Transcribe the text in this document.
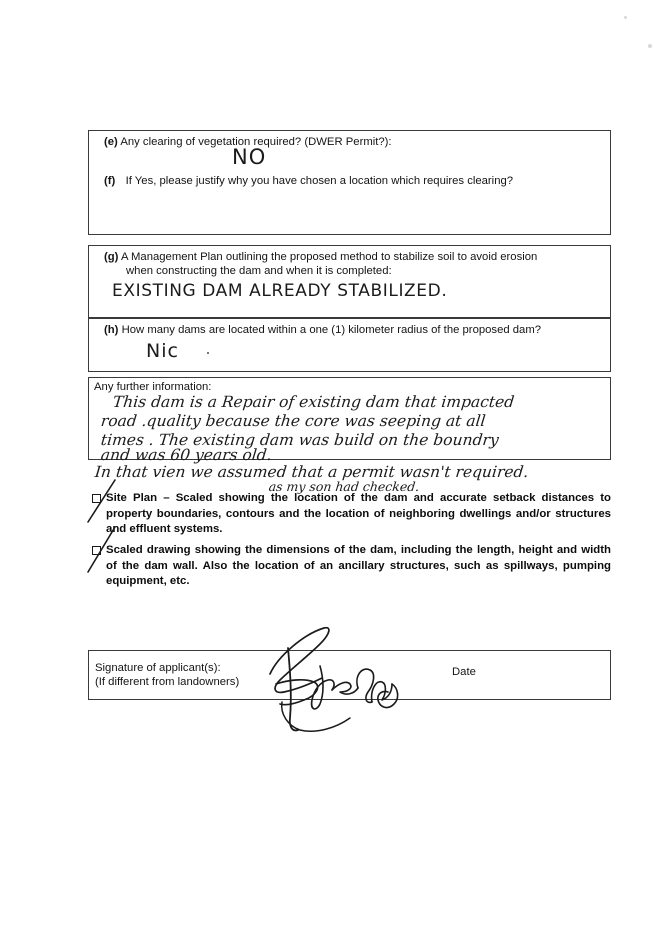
(e) Any clearing of vegetation required? (DWER Permit?):
NO
(f) If Yes, please justify why you have chosen a location which requires clearing?
(g) A Management Plan outlining the proposed method to stabilize soil to avoid erosion
when constructing the dam and when it is completed:
EXISTING DAM ALREADY STABILIZED.
(h) How many dams are located within a one (1) kilometer radius of the proposed dam?
Nic
Any further information:
This dam is a Repair of existing dam that impacted
road .quality because the core was seeping at all
times . The existing dam was build on the boundry
and was 60 years old.
In that vien we assumed that a permit wasn't required.
as my son had checked.
Site Plan – Scaled showing the location of the dam and accurate setback distances to property boundaries, contours and the location of neighboring dwellings and/or structures and effluent systems.
Scaled drawing showing the dimensions of the dam, including the length, height and width of the dam wall. Also the location of an ancillary structures, such as spillways, pumping equipment, etc.
Signature of applicant(s):
(If different from landowners)
Date
